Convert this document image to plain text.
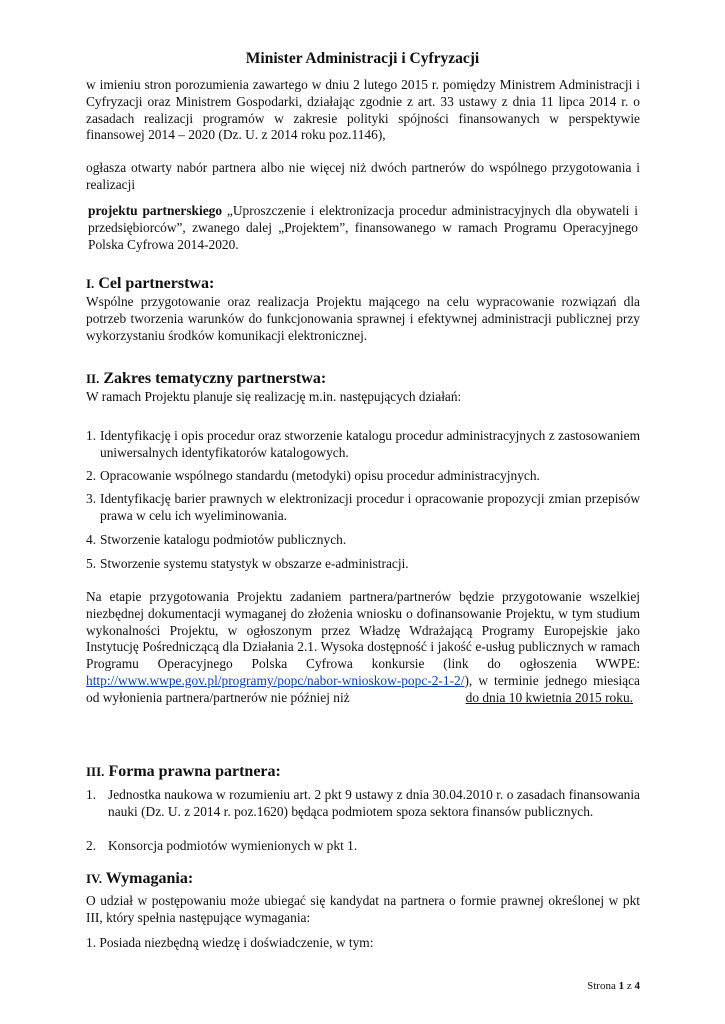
Minister Administracji i Cyfryzacji

w imieniu stron porozumienia zawartego w dniu 2 lutego 2015 r. pomiędzy Ministrem Administracji i Cyfryzacji oraz Ministrem Gospodarki, działając zgodnie z art. 33 ustawy z dnia 11 lipca 2014 r. o zasadach realizacji programów w zakresie polityki spójności finansowanych w perspektywie finansowej 2014 – 2020 (Dz. U. z 2014 roku poz.1146),

ogłasza otwarty nabór partnera albo nie więcej niż dwóch partnerów do wspólnego przygotowania i realizacji

projektu partnerskiego „Uproszczenie i elektronizacja procedur administracyjnych dla obywateli i przedsiębiorców”, zwanego dalej „Projektem”, finansowanego w ramach Programu Operacyjnego Polska Cyfrowa 2014-2020.

I. Cel partnerstwa:

Wspólne przygotowanie oraz realizacja Projektu mającego na celu wypracowanie rozwiązań dla potrzeb tworzenia warunków do funkcjonowania sprawnej i efektywnej administracji publicznej przy wykorzystaniu środków komunikacji elektronicznej.

II. Zakres tematyczny partnerstwa:

W ramach Projektu planuje się realizację m.in. następujących działań:

1. Identyfikację i opis procedur oraz stworzenie katalogu procedur administracyjnych z zastosowaniem uniwersalnych identyfikatorów katalogowych.
2. Opracowanie wspólnego standardu (metodyki) opisu procedur administracyjnych.
3. Identyfikację barier prawnych w elektronizacji procedur i opracowanie propozycji zmian przepisów prawa w celu ich wyeliminowania.
4. Stworzenie katalogu podmiotów publicznych.
5. Stworzenie systemu statystyk w obszarze e-administracji.

Na etapie przygotowania Projektu zadaniem partnera/partnerów będzie przygotowanie wszelkiej niezbędnej dokumentacji wymaganej do złożenia wniosku o dofinansowanie Projektu, w tym studium wykonalności Projektu, w ogłoszonym przez Władzę Wdrażającą Programy Europejskie jako Instytucję Pośredniczącą dla Działania 2.1. Wysoka dostępność i jakość e-usług publicznych w ramach Programu Operacyjnego Polska Cyfrowa konkursie (link do ogłoszenia WWPE: http://www.wwpe.gov.pl/programy/popc/nabor-wnioskow-popc-2-1-2/), w terminie jednego miesiąca od wyłonienia partnera/partnerów nie później niż	do dnia 10 kwietnia 2015 roku.

III. Forma prawna partnera:
1. Jednostka naukowa w rozumieniu art. 2 pkt 9 ustawy z dnia 30.04.2010 r. o zasadach finansowania nauki (Dz. U. z 2014 r. poz.1620) będąca podmiotem spoza sektora finansów publicznych.
2. Konsorcja podmiotów wymienionych w pkt 1.
IV. Wymagania:

O udział w postępowaniu może ubiegać się kandydat na partnera o formie prawnej określonej w pkt III, który spełnia następujące wymagania:

1. Posiada niezbędną wiedzę i doświadczenie, w tym:

Strona 1 z 4
